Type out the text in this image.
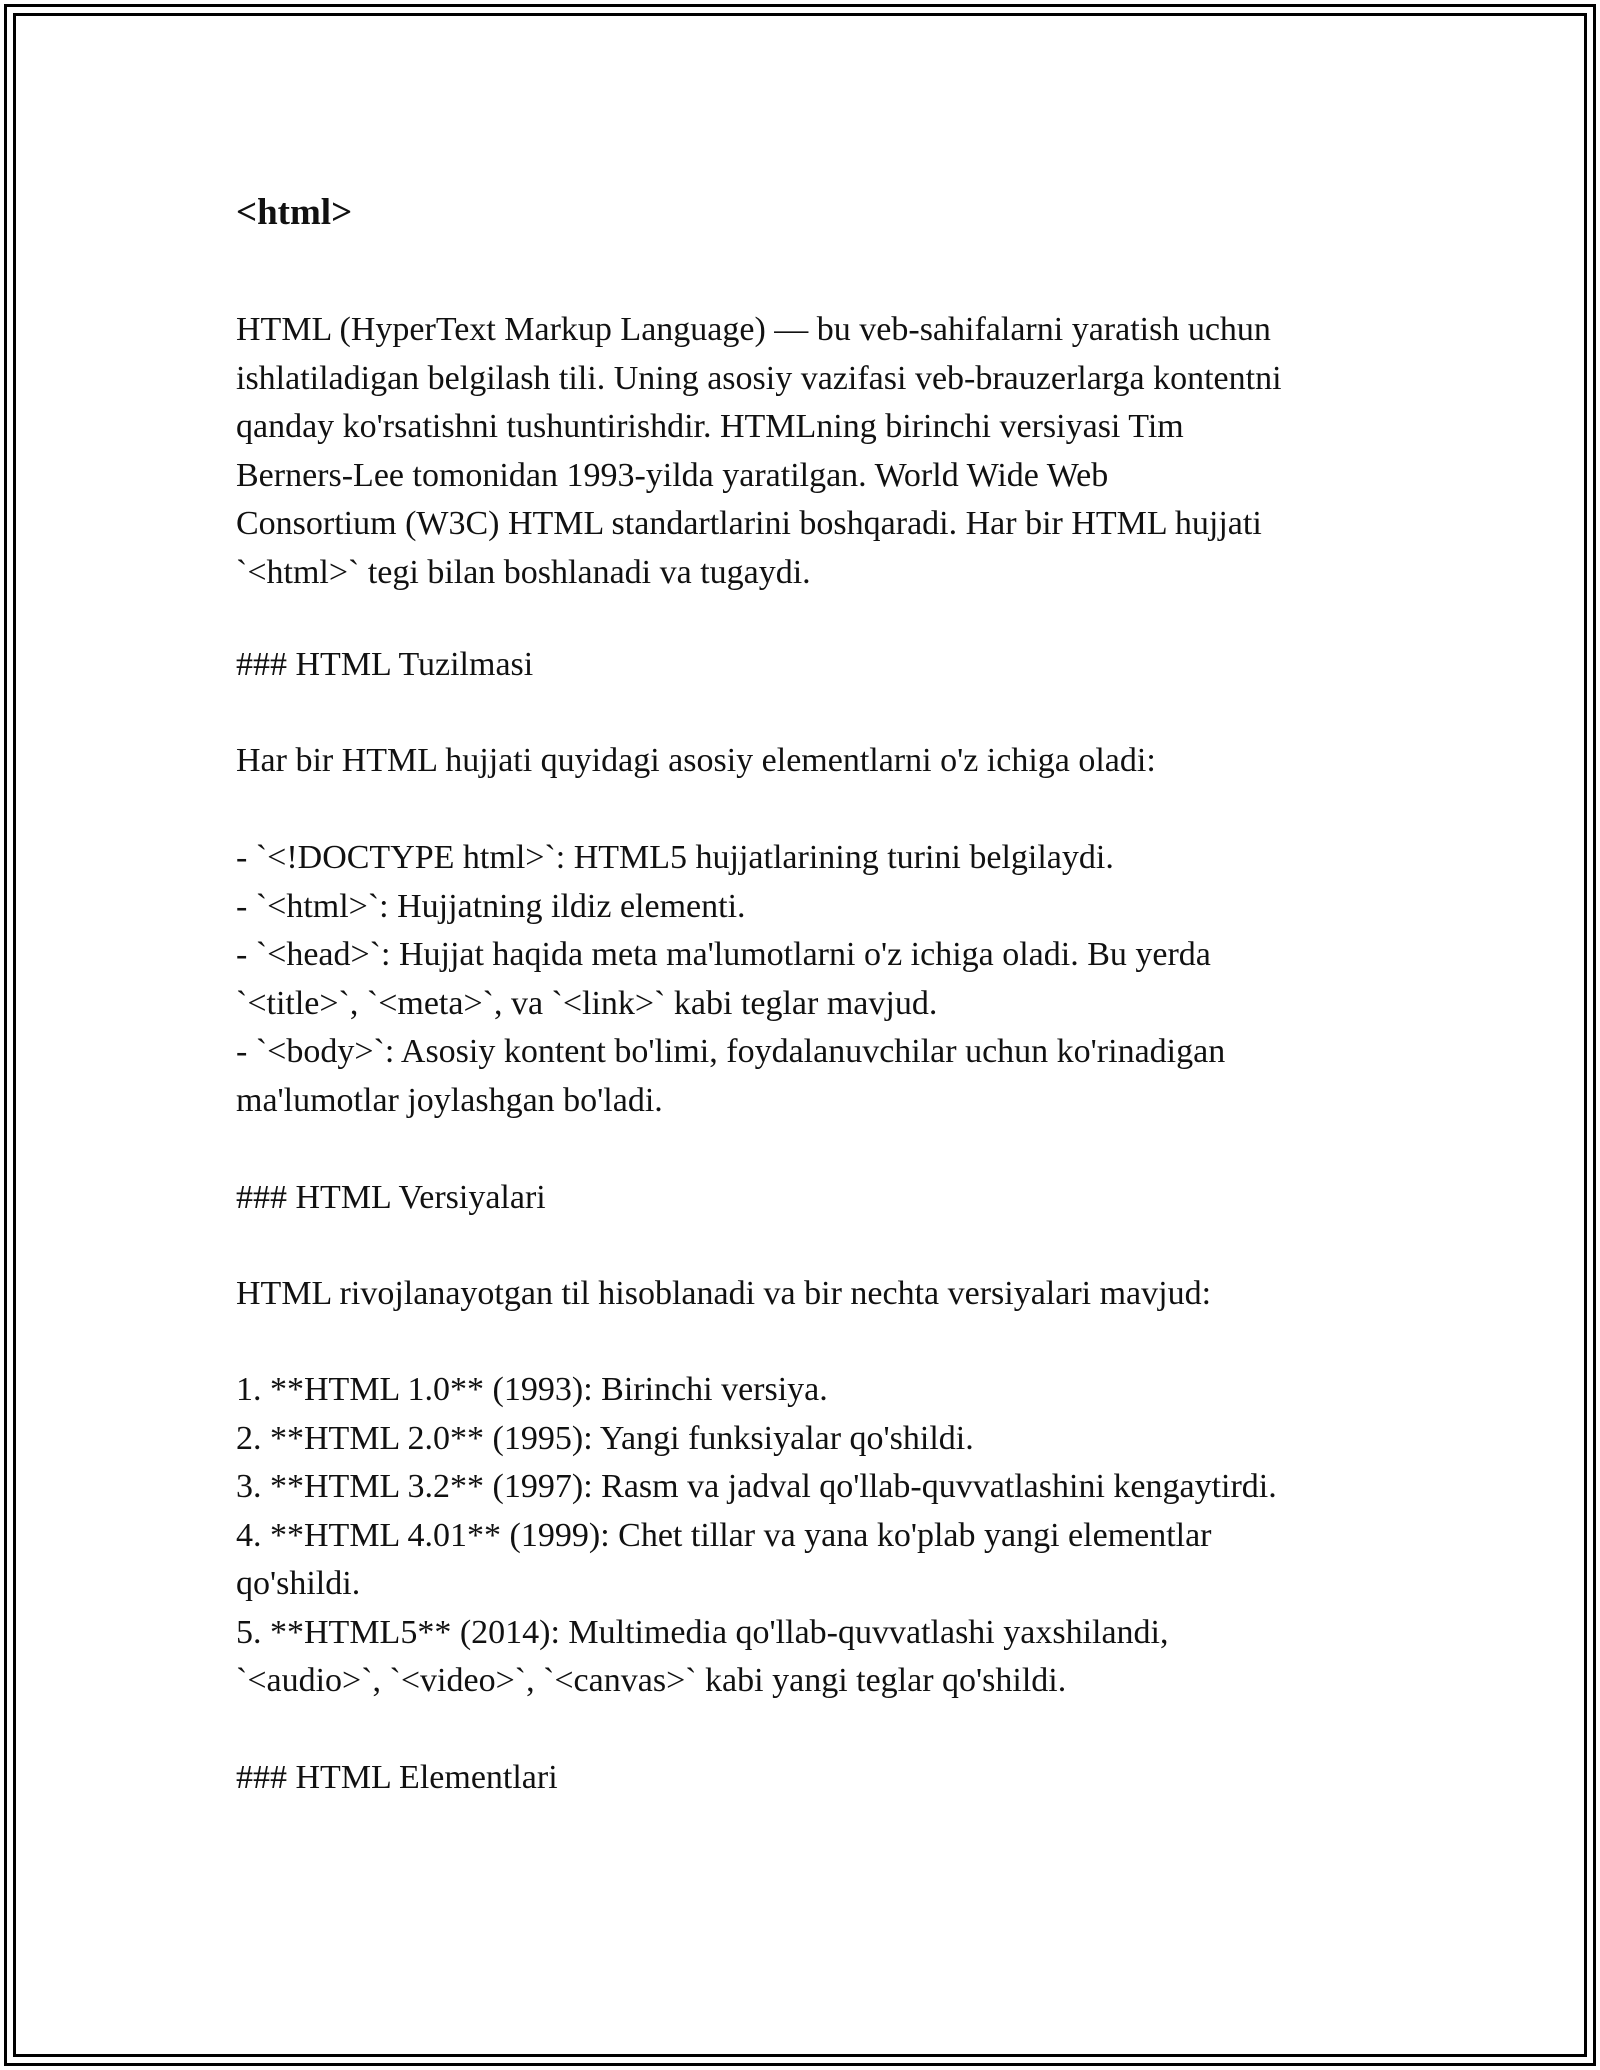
<html>

HTML (HyperText Markup Language) — bu veb-sahifalarni yaratish uchun
ishlatiladigan belgilash tili. Uning asosiy vazifasi veb-brauzerlarga kontentni
qanday ko'rsatishni tushuntirishdir. HTMLning birinchi versiyasi Tim
Berners-Lee tomonidan 1993-yilda yaratilgan. World Wide Web
Consortium (W3C) HTML standartlarini boshqaradi. Har bir HTML hujjati
`<html>` tegi bilan boshlanadi va tugaydi.

### HTML Tuzilmasi

Har bir HTML hujjati quyidagi asosiy elementlarni o'z ichiga oladi:

- `<!DOCTYPE html>`: HTML5 hujjatlarining turini belgilaydi.
- `<html>`: Hujjatning ildiz elementi.
- `<head>`: Hujjat haqida meta ma'lumotlarni o'z ichiga oladi. Bu yerda
`<title>`, `<meta>`, va `<link>` kabi teglar mavjud.
- `<body>`: Asosiy kontent bo'limi, foydalanuvchilar uchun ko'rinadigan
ma'lumotlar joylashgan bo'ladi.

### HTML Versiyalari

HTML rivojlanayotgan til hisoblanadi va bir nechta versiyalari mavjud:

1. **HTML 1.0** (1993): Birinchi versiya.
2. **HTML 2.0** (1995): Yangi funksiyalar qo'shildi.
3. **HTML 3.2** (1997): Rasm va jadval qo'llab-quvvatlashini kengaytirdi.
4. **HTML 4.01** (1999): Chet tillar va yana ko'plab yangi elementlar
qo'shildi.
5. **HTML5** (2014): Multimedia qo'llab-quvvatlashi yaxshilandi,
`<audio>`, `<video>`, `<canvas>` kabi yangi teglar qo'shildi.

### HTML Elementlari
